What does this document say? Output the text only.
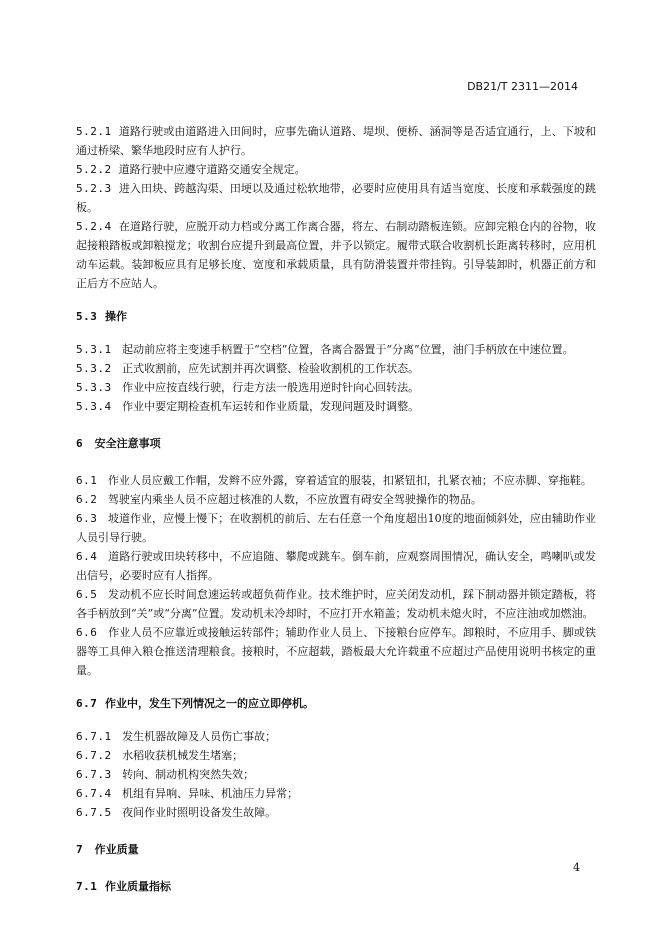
DB21/T 2311—2014

5.2.1 道路行驶或由道路进入田间时，应事先确认道路、堤坝、便桥、涵洞等是否适宜通行，上、下坡和通过桥梁、繁华地段时应有人护行。

5.2.2 道路行驶中应遵守道路交通安全规定。

5.2.3 进入田块、跨越沟渠、田埂以及通过松软地带，必要时应使用具有适当宽度、长度和承载强度的跳板。

5.2.4 在道路行驶，应脱开动力档或分离工作离合器，将左、右制动踏板连锁。应卸完粮仓内的谷物，收起接粮踏板或卸粮搅龙；收割台应提升到最高位置，并予以锁定。履带式联合收割机长距离转移时，应用机动车运载。装卸板应具有足够长度、宽度和承载质量，具有防滑装置并带挂钩。引导装卸时，机器正前方和正后方不应站人。

5.3 操作

5.3.1 起动前应将主变速手柄置于“空档”位置，各离合器置于“分离”位置，油门手柄放在中速位置。

5.3.2 正式收割前，应先试割并再次调整、检验收割机的工作状态。

5.3.3 作业中应按直线行驶，行走方法一般选用逆时针向心回转法。

5.3.4 作业中要定期检查机车运转和作业质量，发现问题及时调整。

6 安全注意事项

6.1 作业人员应戴工作帽，发辫不应外露，穿着适宜的服装，扣紧钮扣，扎紧衣袖；不应赤脚、穿拖鞋。

6.2 驾驶室内乘坐人员不应超过核准的人数，不应放置有碍安全驾驶操作的物品。

6.3 坡道作业，应慢上慢下；在收割机的前后、左右任意一个角度超出10度的地面倾斜处，应由辅助作业人员引导行驶。

6.4 道路行驶或田块转移中，不应追随、攀爬或跳车。倒车前，应观察周围情况，确认安全，鸣喇叭或发出信号，必要时应有人指挥。

6.5 发动机不应长时间怠速运转或超负荷作业。技术维护时，应关闭发动机，踩下制动器并锁定踏板，将各手柄放到“关”或“分离”位置。发动机未冷却时，不应打开水箱盖；发动机未熄火时，不应注油或加燃油。

6.6 作业人员不应靠近或接触运转部件；辅助作业人员上、下接粮台应停车。卸粮时，不应用手、脚或铁器等工具伸入粮仓推送清理粮食。接粮时，不应超载，踏板最大允许载重不应超过产品使用说明书核定的重量。

6.7 作业中，发生下列情况之一的应立即停机。

6.7.1 发生机器故障及人员伤亡事故；

6.7.2 水稻收获机械发生堵塞；

6.7.3 转向、制动机构突然失效；

6.7.4 机组有异响、异味、机油压力异常；

6.7.5 夜间作业时照明设备发生故障。

7 作业质量

7.1 作业质量指标

4
